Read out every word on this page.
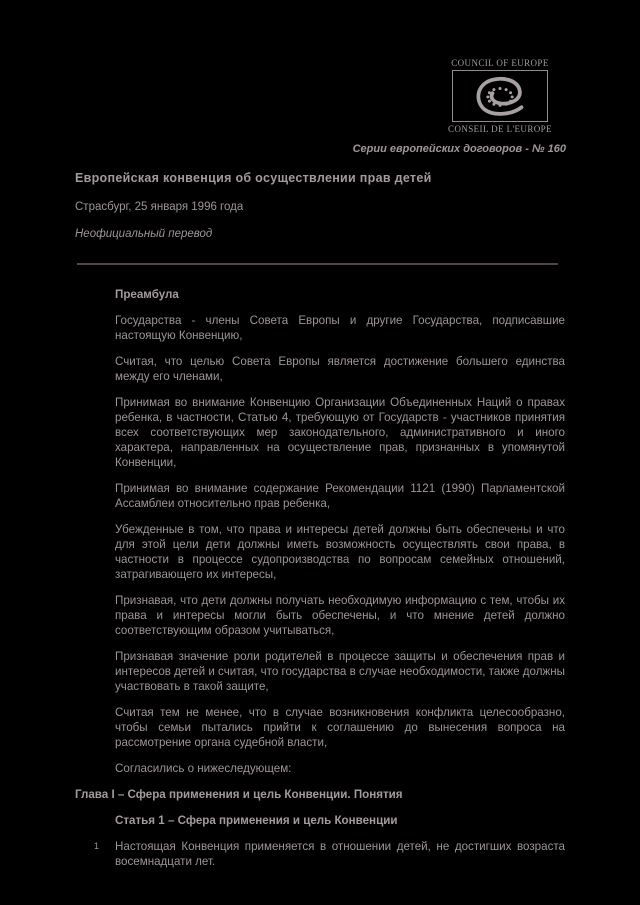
COUNCIL OF EUROPE
CONSEIL DE L'EUROPE
Серии европейских договоров - № 160
Европейская конвенция об осуществлении прав детей
Страсбург, 25 января 1996 года
Неофициальный перевод
Преамбула

Государства - члены Совета Европы и другие Государства, подписавшие настоящую Конвенцию,

Считая, что целью Совета Европы является достижение большего единства между его членами,

Принимая во внимание Конвенцию Организации Объединенных Наций о правах ребенка, в частности, Статью 4, требующую от Государств - участников принятия всех соответствующих мер законодательного, административного и иного характера, направленных на осуществление прав, признанных в упомянутой Конвенции,

Принимая во внимание содержание Рекомендации 1121 (1990) Парламентской Ассамблеи относительно прав ребенка,

Убежденные в том, что права и интересы детей должны быть обеспечены и что для этой цели дети должны иметь возможность осуществлять свои права, в частности в процессе судопроизводства по вопросам семейных отношений, затрагивающего их интересы,

Признавая, что дети должны получать необходимую информацию с тем, чтобы их права и интересы могли быть обеспечены, и что мнение детей должно соответствующим образом учитываться,

Признавая значение роли родителей в процессе защиты и обеспечения прав и интересов детей и считая, что государства в случае необходимости, также должны участвовать в такой защите,

Считая тем не менее, что в случае возникновения конфликта целесообразно, чтобы семьи пытались прийти к соглашению до вынесения вопроса на рассмотрение органа судебной власти,

Согласились о нижеследующем:

Глава I – Сфера применения и цель Конвенции. Понятия
Статья 1 – Сфера применения и цель Конвенции
1	Настоящая Конвенция применяется в отношении детей, не достигших возраста восемнадцати лет.
